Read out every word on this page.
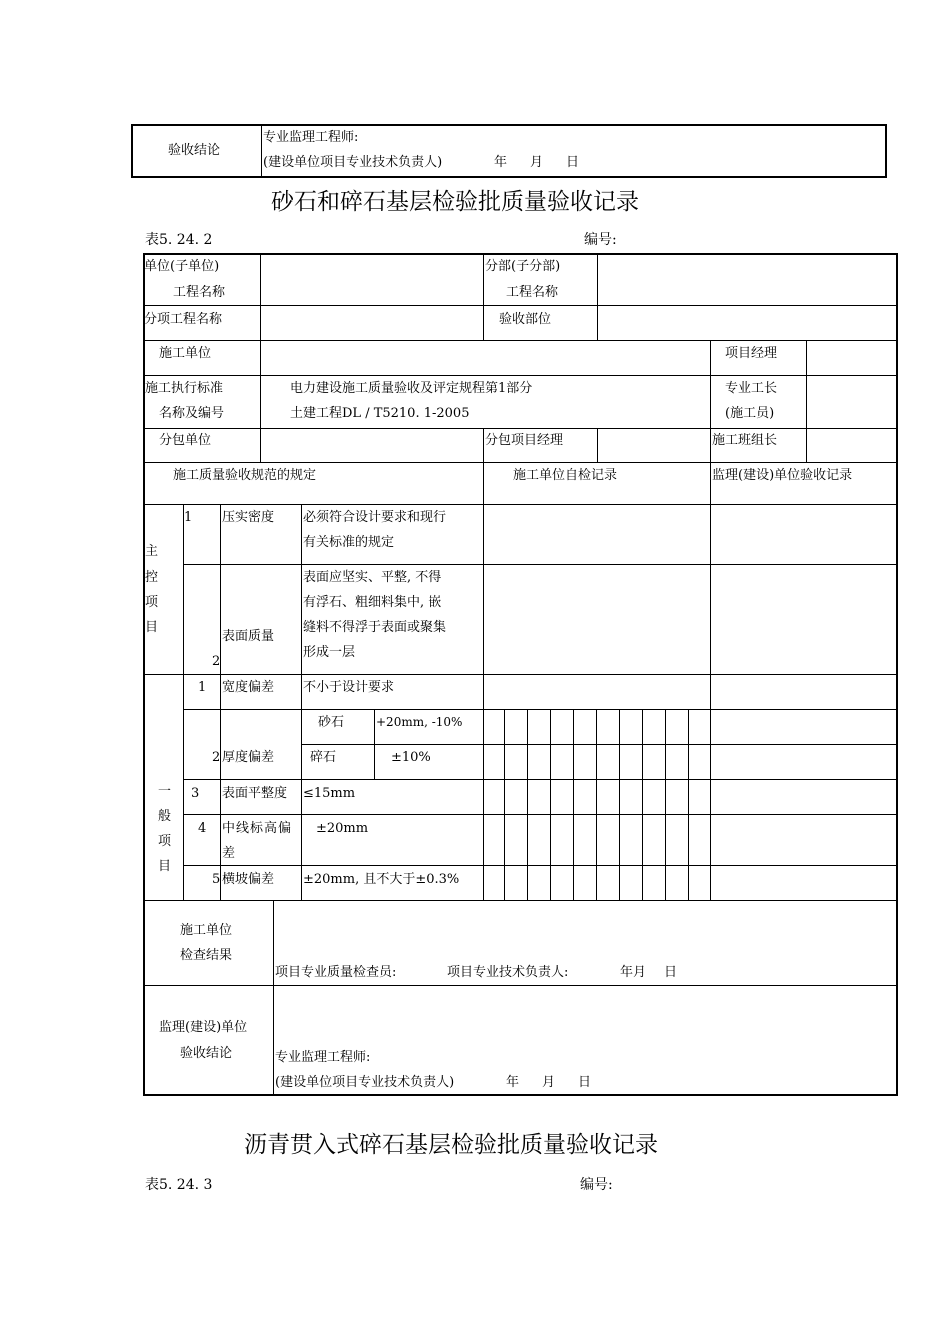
验收结论
专业监理工程师:
(建设单位项目专业技术负责人)	年 月 日
砂石和碎石基层检验批质量验收记录
表5. 24. 2	编号:
单位(子单位)
工程名称
分部(子分部)
工程名称
分项工程名称	验收部位
施工单位	项目经理
施工执行标准
名称及编号
电力建设施工质量验收及评定规程第1部分
土建工程DL / T5210. 1-2005
专业工长
(施工员)
分包单位	分包项目经理	施工班组长
施工质量验收规范的规定	施工单位自检记录	监理(建设)单位验收记录
主
控
项
目
1 压实密度 必须符合设计要求和现行
有关标准的规定
2
表面质量
表面应坚实、平整, 不得
有浮石、粗细料集中, 嵌
缝料不得浮于表面或聚集
形成一层
一
般
项
目
1 宽度偏差 不小于设计要求
2 厚度偏差
砂石	+20mm, -10%
碎石	±10%
3 表面平整度 ≤15mm
4 中线标高偏
差
±20mm
5 横坡偏差 ±20mm, 且不大于±0.3%
施工单位
检查结果
项目专业质量检查员:	项目专业技术负责人:	年月 日
监理(建设)单位
验收结论	专业监理工程师:
(建设单位项目专业技术负责人)	年 月 日
沥青贯入式碎石基层检验批质量验收记录
表5. 24. 3	编号:
